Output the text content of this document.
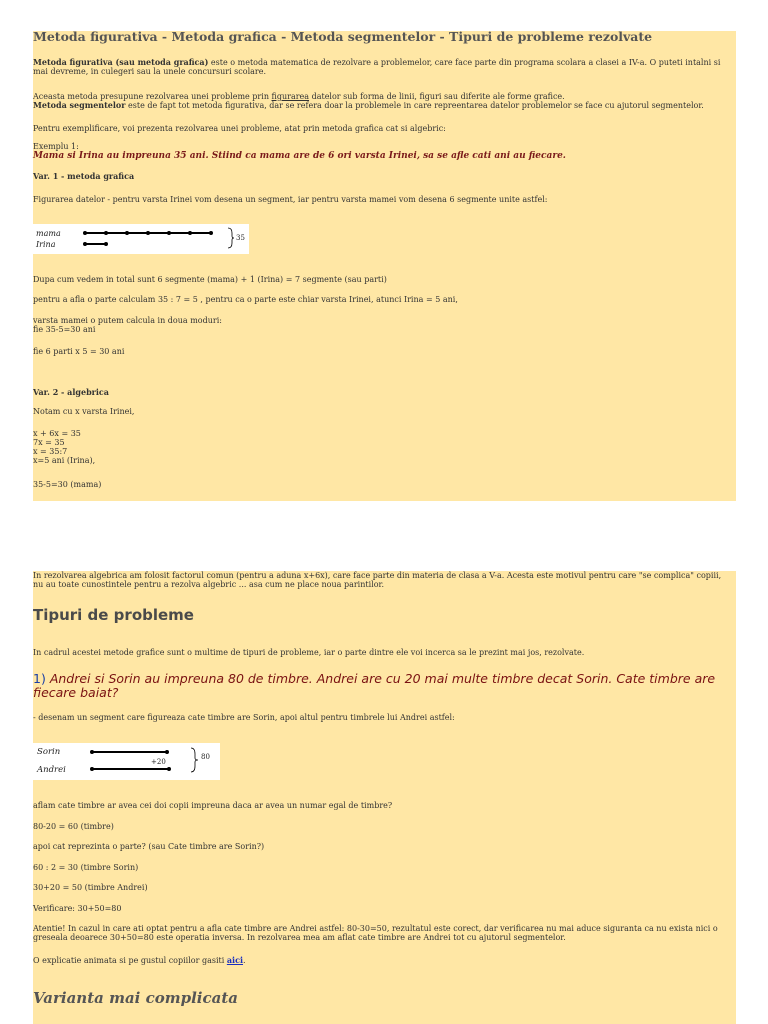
Metoda figurativa - Metoda grafica - Metoda segmentelor - Tipuri de probleme rezolvate

Metoda figurativa (sau metoda grafica) este o metoda matematica de rezolvare a problemelor, care face parte din programa scolara a clasei a IV-a. O puteti intalni si mai devreme, in culegeri sau la unele concursuri scolare.

Aceasta metoda presupune rezolvarea unei probleme prin figurarea datelor sub forma de linii, figuri sau diferite ale forme grafice.

Metoda segmentelor este de fapt tot metoda figurativa, dar se refera doar la problemele in care repreentarea datelor problemelor se face cu ajutorul segmentelor.

Pentru exemplificare, voi prezenta rezolvarea unei probleme, atat prin metoda grafica cat si algebric:

Exemplu 1:

Mama si Irina au impreuna 35 ani. Stiind ca mama are de 6 ori varsta Irinei, sa se afle cati ani au fiecare.

Var. 1 - metoda grafica

Figurarea datelor - pentru varsta Irinei vom desena un segment, iar pentru varsta mamei vom desena 6 segmente unite astfel:

mama
Irina
35

Dupa cum vedem in total sunt 6 segmente (mama) + 1 (Irina) = 7 segmente (sau parti)

pentru a afla o parte calculam 35 : 7 = 5 , pentru ca o parte este chiar varsta Irinei, atunci Irina = 5 ani,

varsta mamei o putem calcula in doua moduri:

fie 35-5=30 ani

fie 6 parti x 5 = 30 ani

Var. 2 - algebrica

Notam cu x varsta Irinei,

x + 6x = 35

7x = 35

x = 35:7

x=5 ani (Irina),

35-5=30 (mama)

In rezolvarea algebrica am folosit factorul comun (pentru a aduna x+6x), care face parte din materia de clasa a V-a. Acesta este motivul pentru care "se complica" copiii, nu au toate cunostintele pentru a rezolva algebric ... asa cum ne place noua parintilor.

Tipuri de probleme

In cadrul acestei metode grafice sunt o multime de tipuri de probleme, iar o parte dintre ele voi incerca sa le prezint mai jos, rezolvate.

1) Andrei si Sorin au impreuna 80 de timbre. Andrei are cu 20 mai multe timbre decat Sorin. Cate timbre are fiecare baiat?

- desenam un segment care figureaza cate timbre are Sorin, apoi altul pentru timbrele lui Andrei astfel:

Sorin
Andrei
+20
80

aflam cate timbre ar avea cei doi copii impreuna daca ar avea un numar egal de timbre?

80-20 = 60 (timbre)

apoi cat reprezinta o parte? (sau Cate timbre are Sorin?)

60 : 2 = 30 (timbre Sorin)

30+20 = 50 (timbre Andrei)

Verificare: 30+50=80

Atentie! In cazul in care ati optat pentru a afla cate timbre are Andrei astfel: 80-30=50, rezultatul este corect, dar verificarea nu mai aduce siguranta ca nu exista nici o greseala deoarece 30+50=80 este operatia inversa. In rezolvarea mea am aflat cate timbre are Andrei tot cu ajutorul segmentelor.

O explicatie animata si pe gustul copiilor gasiti aici.

Varianta mai complicata
